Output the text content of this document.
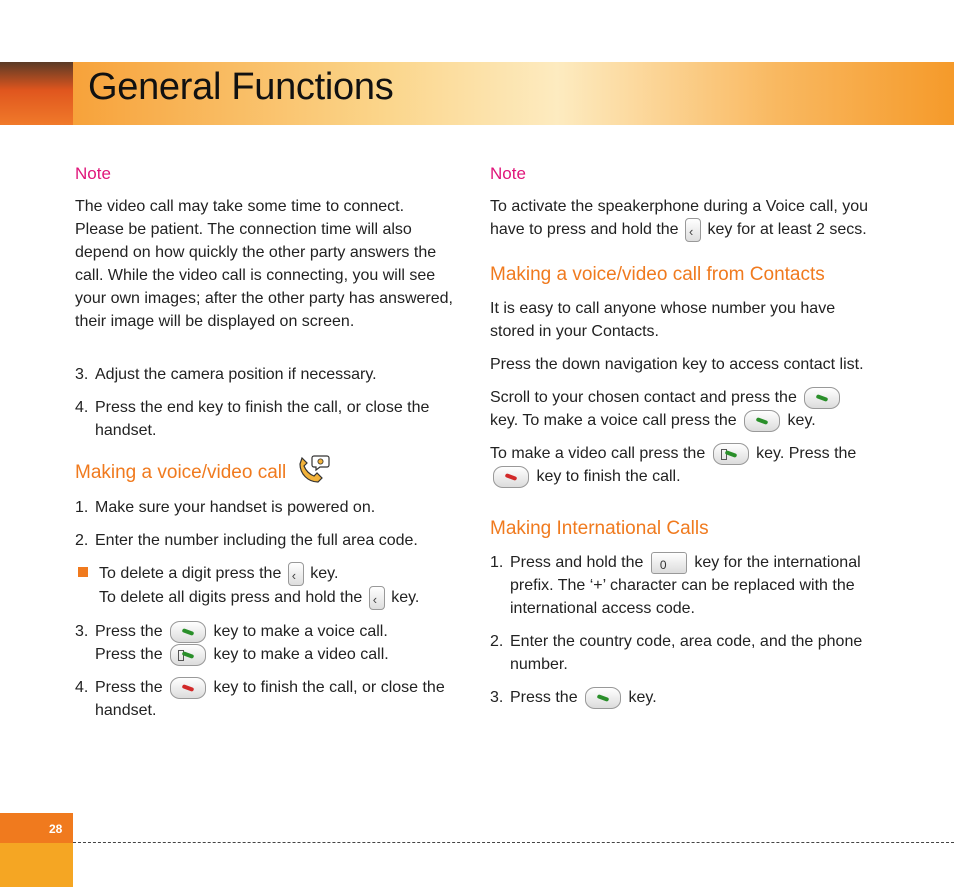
General Functions
Note

The video call may take some time to connect. Please be patient. The connection time will also depend on how quickly the other party answers the call. While the video call is connecting, you will see your own images; after the other party has answered, their image will be displayed on screen.

3. Adjust the camera position if necessary.
4. Press the end key to finish the call, or close the handset.
Making a voice/video call
1. Make sure your handset is powered on.
2. Enter the number including the full area code.
To delete a digit press the ‹ key.
To delete all digits press and hold the ‹ key.
3. Press the	key to make a voice call.
Press the	key to make a video call.
4. Press the	key to finish the call, or close the handset.
Note

To activate the speakerphone during a Voice call, you have to press and hold the ‹ key for at least 2 secs.

Making a voice/video call from Contacts

It is easy to call anyone whose number you have stored in your Contacts.

Press the down navigation key to access contact list.

Scroll to your chosen contact and press the  key. To make a voice call press the	key.

To make a video call press the	key. Press the  key to finish the call.

Making International Calls
1. Press and hold the 0	key for the international prefix. The ‘+’ character can be replaced with the international access code.
2. Enter the country code, area code, and the phone number.
3. Press the	key.
28
